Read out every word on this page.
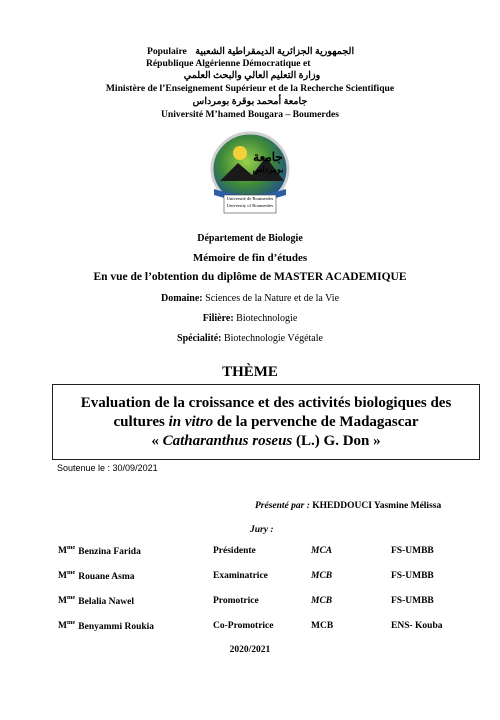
Populaire الجمهورية الجزائرية الديمقراطية الشعبية
République Algérienne Démocratique et
وزارة التعليم العالي والبحث العلمي
Ministère de l’Enseignement Supérieur et de la Recherche Scientifique
جامعة أمحمد بوقرة بومرداس
Université M’hamed Bougara – Boumerdes
جامعة
بومرداس
Université de Boumerdes
University of Boumerdes
Département de Biologie
Mémoire de fin d’études
En vue de l’obtention du diplôme de MASTER ACADEMIQUE
Domaine: Sciences de la Nature et de la Vie
Filière: Biotechnologie
Spécialité: Biotechnologie Végétale
THÈME
Evaluation de la croissance et des activités biologiques des
cultures in vitro de la pervenche de Madagascar
« Catharanthus roseus (L.) G. Don »
Soutenue le : 30/09/2021
Présenté par : KHEDDOUCI Yasmine Mélissa
Jury :
$M^{me}$ Benzina Farida	Présidente	MCA	FS-UMBB
$M^{me}$ Rouane Asma	Examinatrice	MCB	FS-UMBB
$M^{me}$ Belalia Nawel	Promotrice	MCB	FS-UMBB
$M^{me}$ Benyammi Roukia	Co-Promotrice	MCB	ENS- Kouba
2020/2021
